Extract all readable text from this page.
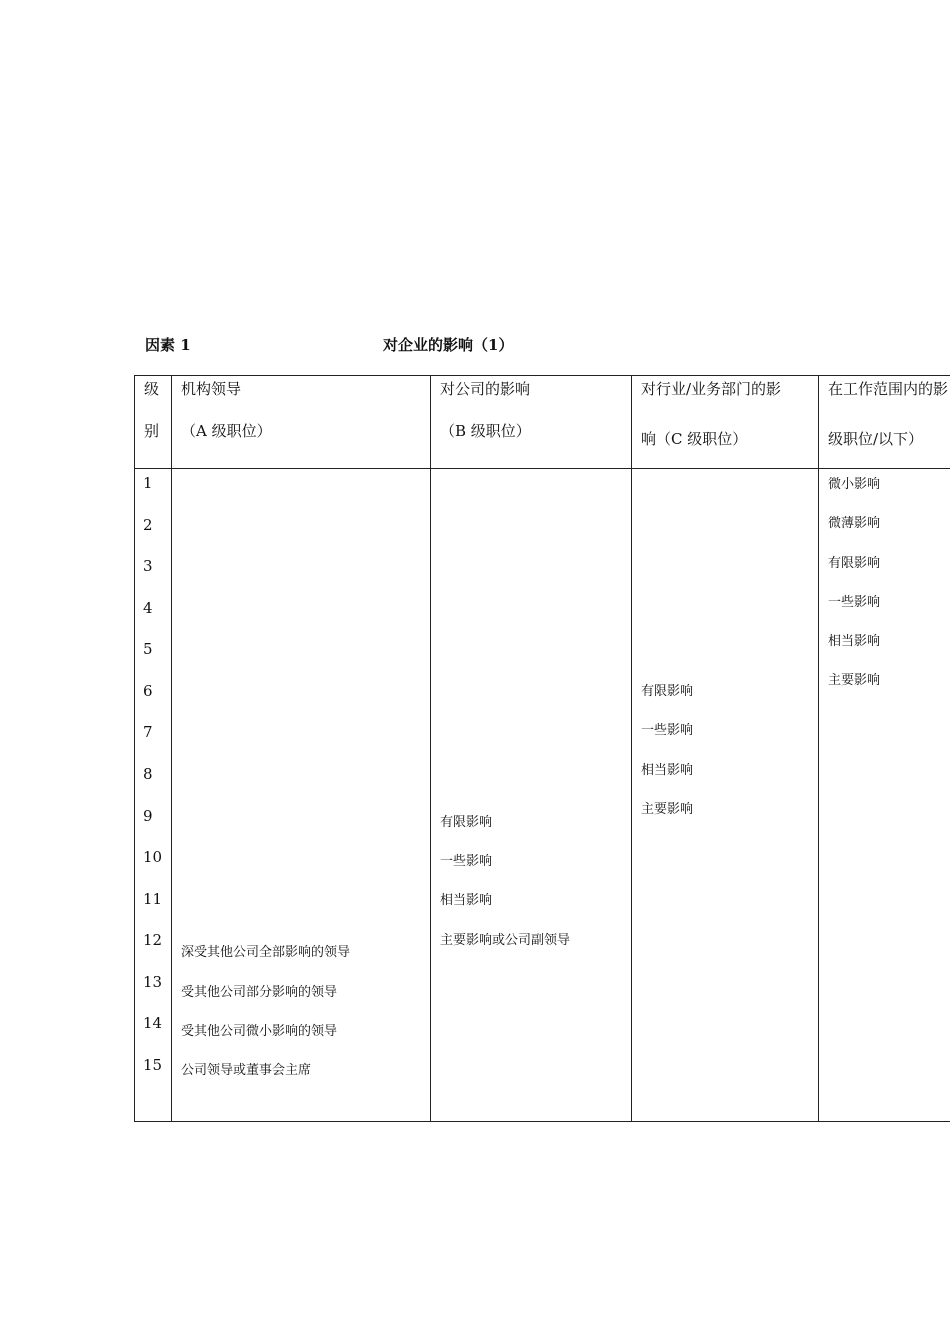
因素 1	对企业的影响（1）
级
别
机构领导
（A 级职位）
对公司的影响
（B 级职位）
对行业/业务部门的影
响（C 级职位）
在工作范围内的影
级职位/以下）
1
2
3
4
5
6
7
8
9
10
11
12
13
14
15
深受其他公司全部影响的领导
受其他公司部分影响的领导
受其他公司微小影响的领导
公司领导或董事会主席
有限影响
一些影响
相当影响
主要影响或公司副领导
有限影响
一些影响
相当影响
主要影响
微小影响
微薄影响
有限影响
一些影响
相当影响
主要影响
